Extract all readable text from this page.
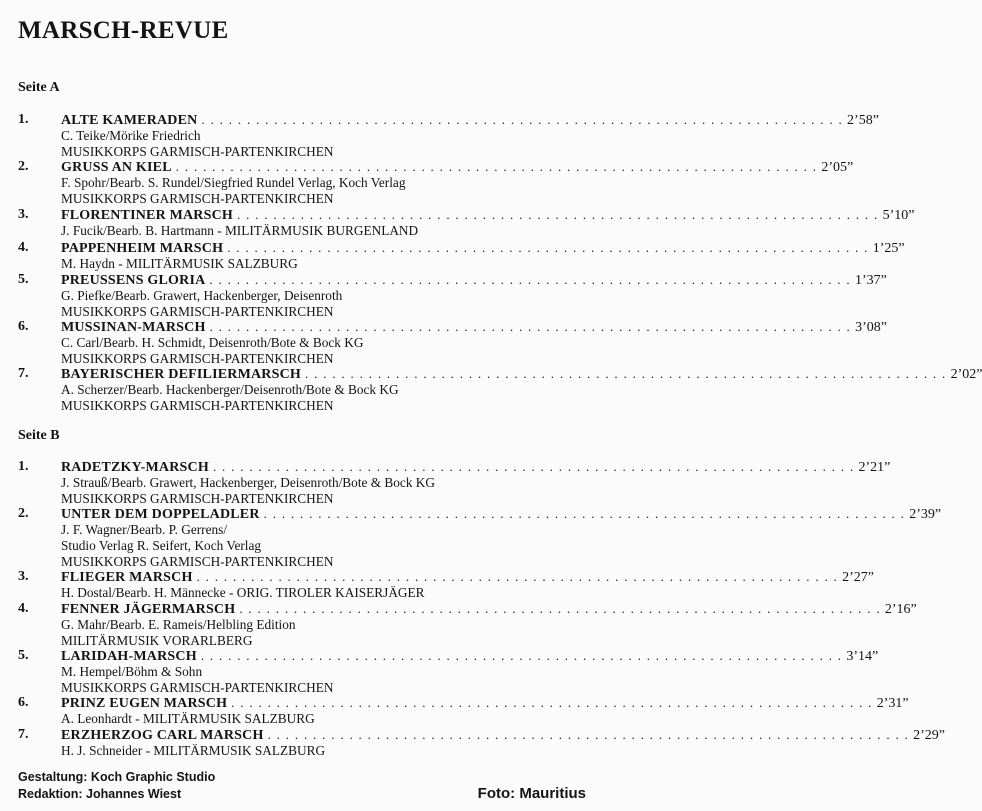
MARSCH-REVUE
Seite A
1. ALTE KAMERADEN . . . . . . . . . . . . . . . . . . . . . . . . . . . . . . . . . . . . . . . . . . . . . . . . . . . . . . . . . . . . . . . . . . . . . . . 2’58”
C. Teike/Mörike Friedrich
MUSIKKORPS GARMISCH-PARTENKIRCHEN
2. GRUSS AN KIEL . . . . . . . . . . . . . . . . . . . . . . . . . . . . . . . . . . . . . . . . . . . . . . . . . . . . . . . . . . . . . . . . . . . . . . . 2’05”
F. Spohr/Bearb. S. Rundel/Siegfried Rundel Verlag, Koch Verlag
MUSIKKORPS GARMISCH-PARTENKIRCHEN
3. FLORENTINER MARSCH . . . . . . . . . . . . . . . . . . . . . . . . . . . . . . . . . . . . . . . . . . . . . . . . . . . . . . . . . . . . . . . . . . . . . . . 5’10”
J. Fucik/Bearb. B. Hartmann - MILITÄRMUSIK BURGENLAND
4. PAPPENHEIM MARSCH . . . . . . . . . . . . . . . . . . . . . . . . . . . . . . . . . . . . . . . . . . . . . . . . . . . . . . . . . . . . . . . . . . . . . . . 1’25”
M. Haydn - MILITÄRMUSIK SALZBURG
5. PREUSSENS GLORIA . . . . . . . . . . . . . . . . . . . . . . . . . . . . . . . . . . . . . . . . . . . . . . . . . . . . . . . . . . . . . . . . . . . . . . . 1’37”
G. Piefke/Bearb. Grawert, Hackenberger, Deisenroth
MUSIKKORPS GARMISCH-PARTENKIRCHEN
6. MUSSINAN-MARSCH . . . . . . . . . . . . . . . . . . . . . . . . . . . . . . . . . . . . . . . . . . . . . . . . . . . . . . . . . . . . . . . . . . . . . . . 3’08”
C. Carl/Bearb. H. Schmidt, Deisenroth/Bote & Bock KG
MUSIKKORPS GARMISCH-PARTENKIRCHEN
7. BAYERISCHER DEFILIERMARSCH . . . . . . . . . . . . . . . . . . . . . . . . . . . . . . . . . . . . . . . . . . . . . . . . . . . . . . . . . . . . . . . . . . . . . . . 2’02”
A. Scherzer/Bearb. Hackenberger/Deisenroth/Bote & Bock KG
MUSIKKORPS GARMISCH-PARTENKIRCHEN
Seite B
1. RADETZKY-MARSCH . . . . . . . . . . . . . . . . . . . . . . . . . . . . . . . . . . . . . . . . . . . . . . . . . . . . . . . . . . . . . . . . . . . . . . . 2’21”
J. Strauß/Bearb. Grawert, Hackenberger, Deisenroth/Bote & Bock KG
MUSIKKORPS GARMISCH-PARTENKIRCHEN
2. UNTER DEM DOPPELADLER . . . . . . . . . . . . . . . . . . . . . . . . . . . . . . . . . . . . . . . . . . . . . . . . . . . . . . . . . . . . . . . . . . . . . . . 2’39”
J. F. Wagner/Bearb. P. Gerrens/
Studio Verlag R. Seifert, Koch Verlag
MUSIKKORPS GARMISCH-PARTENKIRCHEN
3. FLIEGER MARSCH . . . . . . . . . . . . . . . . . . . . . . . . . . . . . . . . . . . . . . . . . . . . . . . . . . . . . . . . . . . . . . . . . . . . . . . 2’27”
H. Dostal/Bearb. H. Männecke - ORIG. TIROLER KAISERJÄGER
4. FENNER JÄGERMARSCH . . . . . . . . . . . . . . . . . . . . . . . . . . . . . . . . . . . . . . . . . . . . . . . . . . . . . . . . . . . . . . . . . . . . . . . 2’16”
G. Mahr/Bearb. E. Rameis/Helbling Edition
MILITÄRMUSIK VORARLBERG
5. LARIDAH-MARSCH . . . . . . . . . . . . . . . . . . . . . . . . . . . . . . . . . . . . . . . . . . . . . . . . . . . . . . . . . . . . . . . . . . . . . . . 3’14”
M. Hempel/Böhm & Sohn
MUSIKKORPS GARMISCH-PARTENKIRCHEN
6. PRINZ EUGEN MARSCH . . . . . . . . . . . . . . . . . . . . . . . . . . . . . . . . . . . . . . . . . . . . . . . . . . . . . . . . . . . . . . . . . . . . . . . 2’31”
A. Leonhardt - MILITÄRMUSIK SALZBURG
7. ERZHERZOG CARL MARSCH . . . . . . . . . . . . . . . . . . . . . . . . . . . . . . . . . . . . . . . . . . . . . . . . . . . . . . . . . . . . . . . . . . . . . . . 2’29”
H. J. Schneider - MILITÄRMUSIK SALZBURG
Gestaltung: Koch Graphic Studio
Redaktion: Johannes Wiest	Foto: Mauritius
